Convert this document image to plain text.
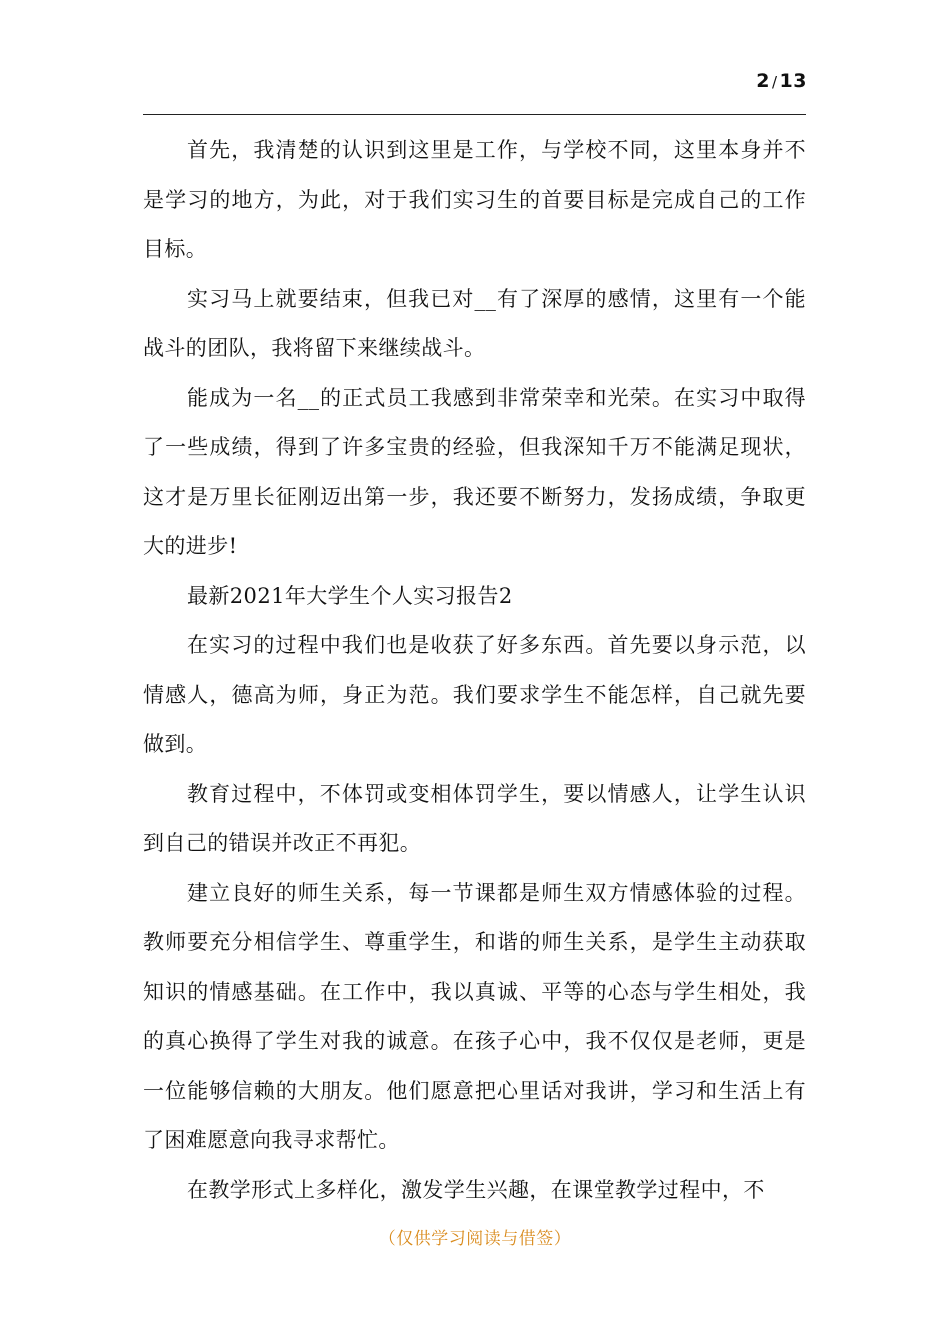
2 / 13

首先，我清楚的认识到这里是工作，与学校不同，这里本身并不是学习的地方，为此，对于我们实习生的首要目标是完成自己的工作目标。

实习马上就要结束，但我已对__有了深厚的感情，这里有一个能战斗的团队，我将留下来继续战斗。

能成为一名__的正式员工我感到非常荣幸和光荣。在实习中取得了一些成绩，得到了许多宝贵的经验，但我深知千万不能满足现状，这才是万里长征刚迈出第一步，我还要不断努力，发扬成绩，争取更大的进步!

最新2021年大学生个人实习报告2

在实习的过程中我们也是收获了好多东西。首先要以身示范，以情感人，德高为师，身正为范。我们要求学生不能怎样，自己就先要做到。

教育过程中，不体罚或变相体罚学生，要以情感人，让学生认识到自己的错误并改正不再犯。

建立良好的师生关系，每一节课都是师生双方情感体验的过程。教师要充分相信学生、尊重学生，和谐的师生关系，是学生主动获取知识的情感基础。在工作中，我以真诚、平等的心态与学生相处，我的真心换得了学生对我的诚意。在孩子心中，我不仅仅是老师，更是一位能够信赖的大朋友。他们愿意把心里话对我讲，学习和生活上有了困难愿意向我寻求帮忙。

在教学形式上多样化，激发学生兴趣，在课堂教学过程中，不

（仅供学习阅读与借签）
